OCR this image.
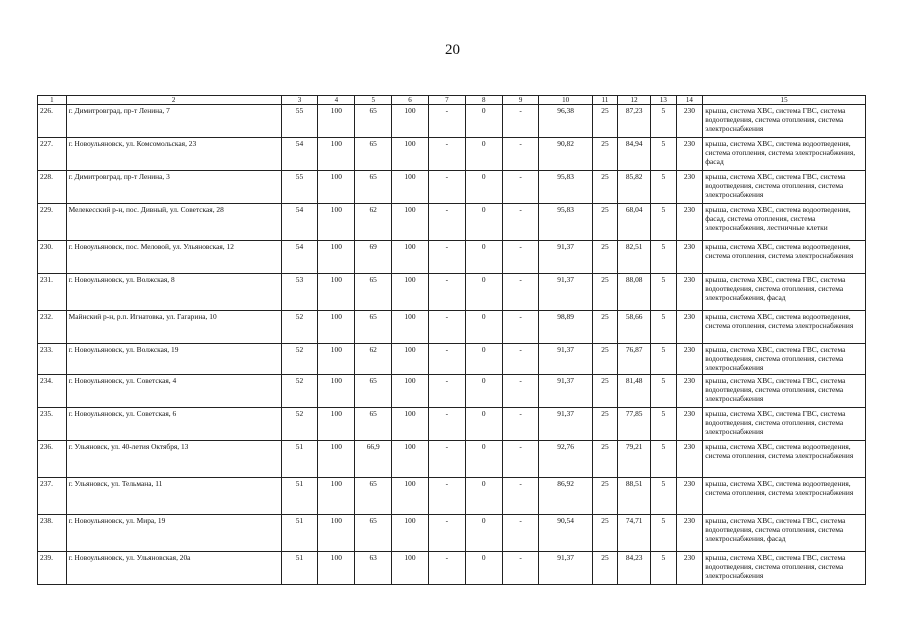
20
1	2	3	4	5	6	7	8	9	10	11	12	13	14	15
226.	г. Димитровград, пр-т Ленина, 7	55	100	65	100	-	0	-	96,38	25	87,23	5	230	крыша, система ХВС, система ГВС, система водоотведения, система отопления, система электроснабжения
227.	г. Новоульяновск, ул. Комсомольская, 23	54	100	65	100	-	0	-	90,82	25	84,94	5	230	крыша, система ХВС, система водоотведения, система отопления, система электроснабжения, фасад
228.	г. Димитровград, пр-т Ленина, 3	55	100	65	100	-	0	-	95,83	25	85,82	5	230	крыша, система ХВС, система ГВС, система водоотведения, система отопления, система электроснабжения
229.	Мелекесский р-н, пос. Дивный, ул. Советская, 28	54	100	62	100	-	0	-	95,83	25	68,04	5	230	крыша, система ХВС, система водоотведения, фасад, система отопления, система электроснабжения, лестничные клетки
230.	г. Новоульяновск, пос. Меловой, ул. Ульяновская, 12	54	100	69	100	-	0	-	91,37	25	82,51	5	230	крыша, система ХВС, система водоотведения, система отопления, система электроснабжения
231.	г. Новоульяновск, ул. Волжская, 8	53	100	65	100	-	0	-	91,37	25	88,08	5	230	крыша, система ХВС, система ГВС, система водоотведения, система отопления, система электроснабжения, фасад
232.	Майнский р-н, р.п. Игнатовка, ул. Гагарина, 10	52	100	65	100	-	0	-	98,89	25	58,66	5	230	крыша, система ХВС, система водоотведения, система отопления, система электроснабжения
233.	г. Новоульяновск, ул. Волжская, 19	52	100	62	100	-	0	-	91,37	25	76,87	5	230	крыша, система ХВС, система ГВС, система водоотведения, система отопления, система электроснабжения
234.	г. Новоульяновск, ул. Советская, 4	52	100	65	100	-	0	-	91,37	25	81,48	5	230	крыша, система ХВС, система ГВС, система водоотведения, система отопления, система электроснабжения
235.	г. Новоульяновск, ул. Советская, 6	52	100	65	100	-	0	-	91,37	25	77,85	5	230	крыша, система ХВС, система ГВС, система водоотведения, система отопления, система электроснабжения
236.	г. Ульяновск, ул. 40-летия Октября, 13	51	100	66,9	100	-	0	-	92,76	25	79,21	5	230	крыша, система ХВС, система водоотведения, система отопления, система электроснабжения
237.	г. Ульяновск, ул. Тельмана, 11	51	100	65	100	-	0	-	86,92	25	88,51	5	230	крыша, система ХВС, система водоотведения, система отопления, система электроснабжения
238.	г. Новоульяновск, ул. Мира, 19	51	100	65	100	-	0	-	90,54	25	74,71	5	230	крыша, система ХВС, система ГВС, система водоотведения, система отопления, система электроснабжения, фасад
239.	г. Новоульяновск, ул. Ульяновская, 20а	51	100	63	100	-	0	-	91,37	25	84,23	5	230	крыша, система ХВС, система ГВС, система водоотведения, система отопления, система электроснабжения
